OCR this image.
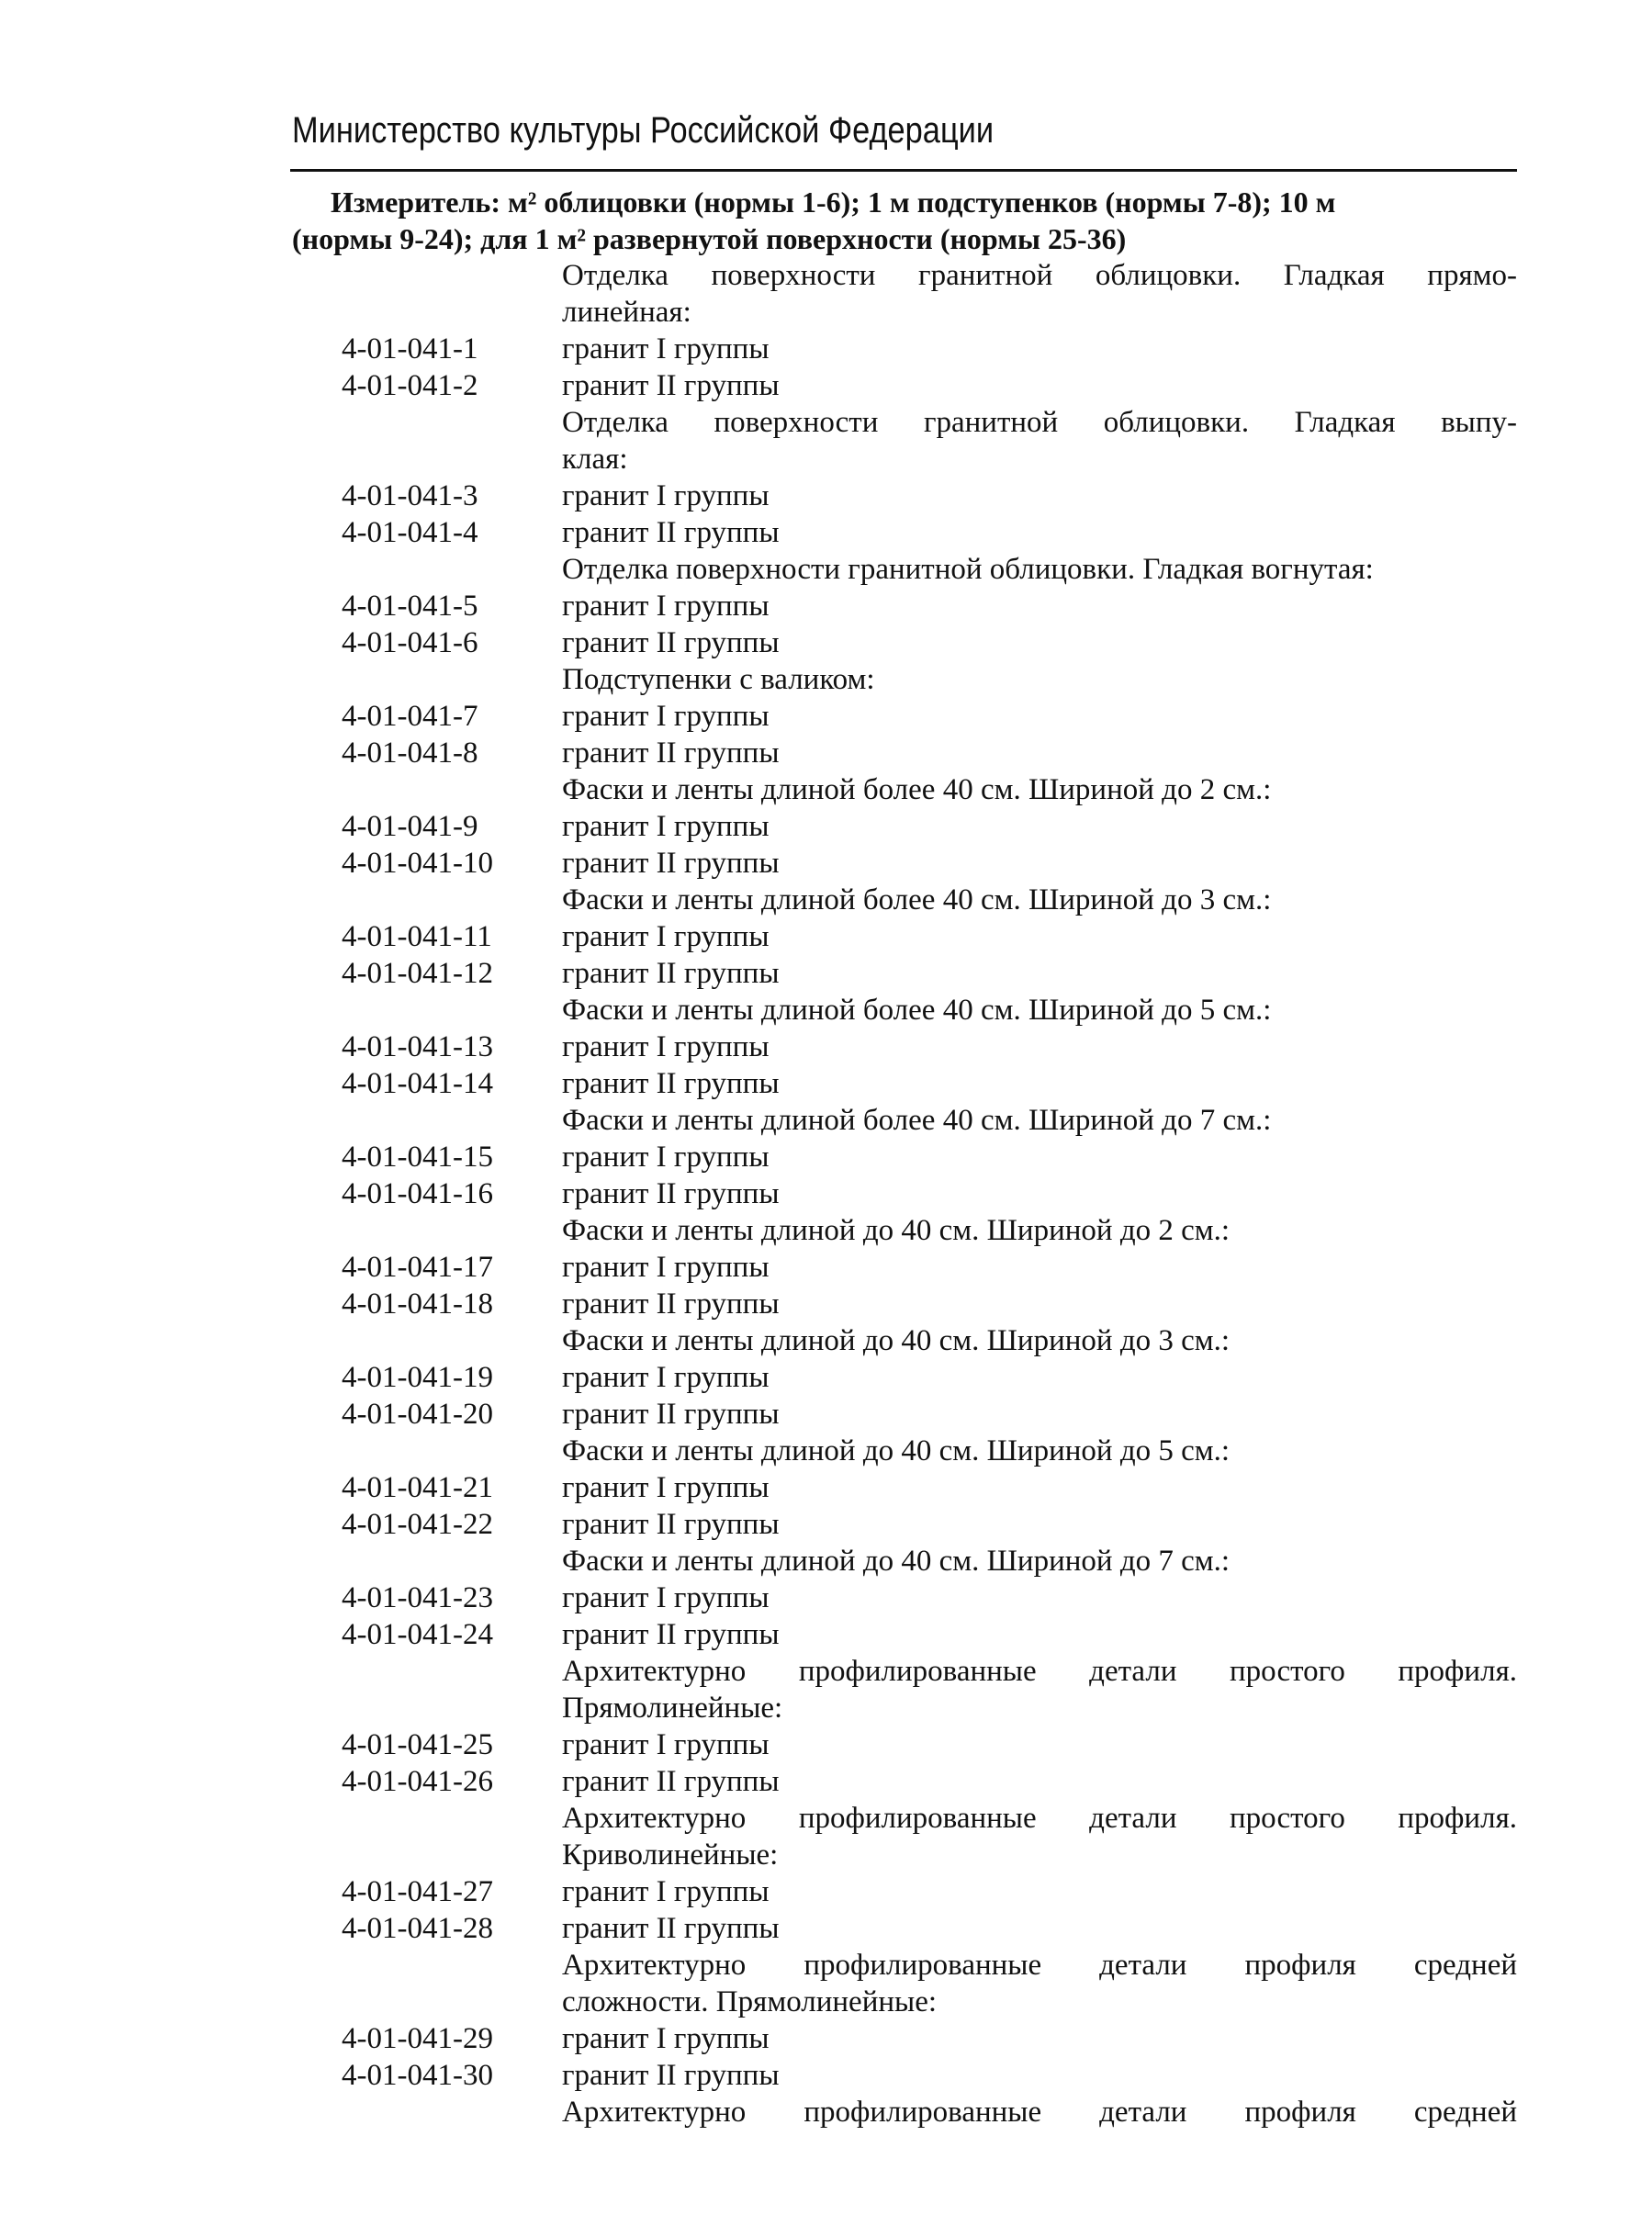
Министерство культуры Российской Федерации

Измеритель: м² облицовки (нормы 1-6); 1 м подступенков (нормы 7-8); 10 м

(нормы 9-24); для 1 м² развернутой поверхности (нормы 25-36)

Отделка поверхности гранитной облицовки. Гладкая прямо-
линейная:
4-01-041-1	гранит I группы
4-01-041-2	гранит II группы
Отделка поверхности гранитной облицовки. Гладкая выпу-
клая:
4-01-041-3	гранит I группы
4-01-041-4	гранит II группы
Отделка поверхности гранитной облицовки. Гладкая вогнутая:
4-01-041-5	гранит I группы
4-01-041-6	гранит II группы
Подступенки с валиком:
4-01-041-7	гранит I группы
4-01-041-8	гранит II группы
Фаски и ленты длиной более 40 см. Шириной до 2 см.:
4-01-041-9	гранит I группы
4-01-041-10 гранит II группы
Фаски и ленты длиной более 40 см. Шириной до 3 см.:
4-01-041-11 гранит I группы
4-01-041-12 гранит II группы
Фаски и ленты длиной более 40 см. Шириной до 5 см.:
4-01-041-13 гранит I группы
4-01-041-14 гранит II группы
Фаски и ленты длиной более 40 см. Шириной до 7 см.:
4-01-041-15 гранит I группы
4-01-041-16 гранит II группы
Фаски и ленты длиной до 40 см. Шириной до 2 см.:
4-01-041-17 гранит I группы
4-01-041-18 гранит II группы
Фаски и ленты длиной до 40 см. Шириной до 3 см.:
4-01-041-19 гранит I группы
4-01-041-20 гранит II группы
Фаски и ленты длиной до 40 см. Шириной до 5 см.:
4-01-041-21 гранит I группы
4-01-041-22 гранит II группы
Фаски и ленты длиной до 40 см. Шириной до 7 см.:
4-01-041-23 гранит I группы
4-01-041-24 гранит II группы
Архитектурно профилированные детали простого профиля.
Прямолинейные:
4-01-041-25 гранит I группы
4-01-041-26 гранит II группы
Архитектурно профилированные детали простого профиля.
Криволинейные:
4-01-041-27 гранит I группы
4-01-041-28 гранит II группы
Архитектурно профилированные детали профиля средней
сложности. Прямолинейные:
4-01-041-29 гранит I группы
4-01-041-30 гранит II группы
Архитектурно профилированные детали профиля средней
